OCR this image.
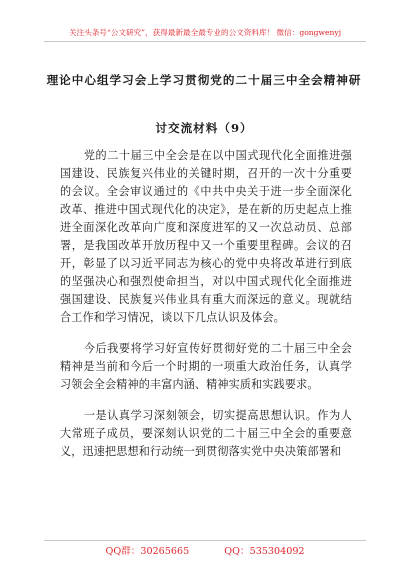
关注头条号“公文研究”，获得最新最全最专业的公文资料库！ 微信：gongwenyj
理论中心组学习会上学习贯彻党的二十届三中全会精神研
讨交流材料（9）

党的二十届三中全会是在以中国式现代化全面推进强国建设、民族复兴伟业的关键时期，召开的一次十分重要的会议。全会审议通过的《中共中央关于进一步全面深化改革、推进中国式现代化的决定》，是在新的历史起点上推进全面深化改革向广度和深度进军的又一次总动员、总部署，是我国改革开放历程中又一个重要里程碑。会议的召开，彰显了以习近平同志为核心的党中央将改革进行到底的坚强决心和强烈使命担当，对以中国式现代化全面推进强国建设、民族复兴伟业具有重大而深远的意义。现就结合工作和学习情况，谈以下几点认识及体会。

今后我要将学习好宣传好贯彻好党的二十届三中全会精神是当前和今后一个时期的一项重大政治任务，认真学习领会全会精神的丰富内涵、精神实质和实践要求。

一是认真学习深刻领会，切实提高思想认识。作为人大常班子成员，要深刻认识党的二十届三中全会的重要意义，迅速把思想和行动统一到贯彻落实党中央决策部署和

QQ群：30265665	QQ：535304092
